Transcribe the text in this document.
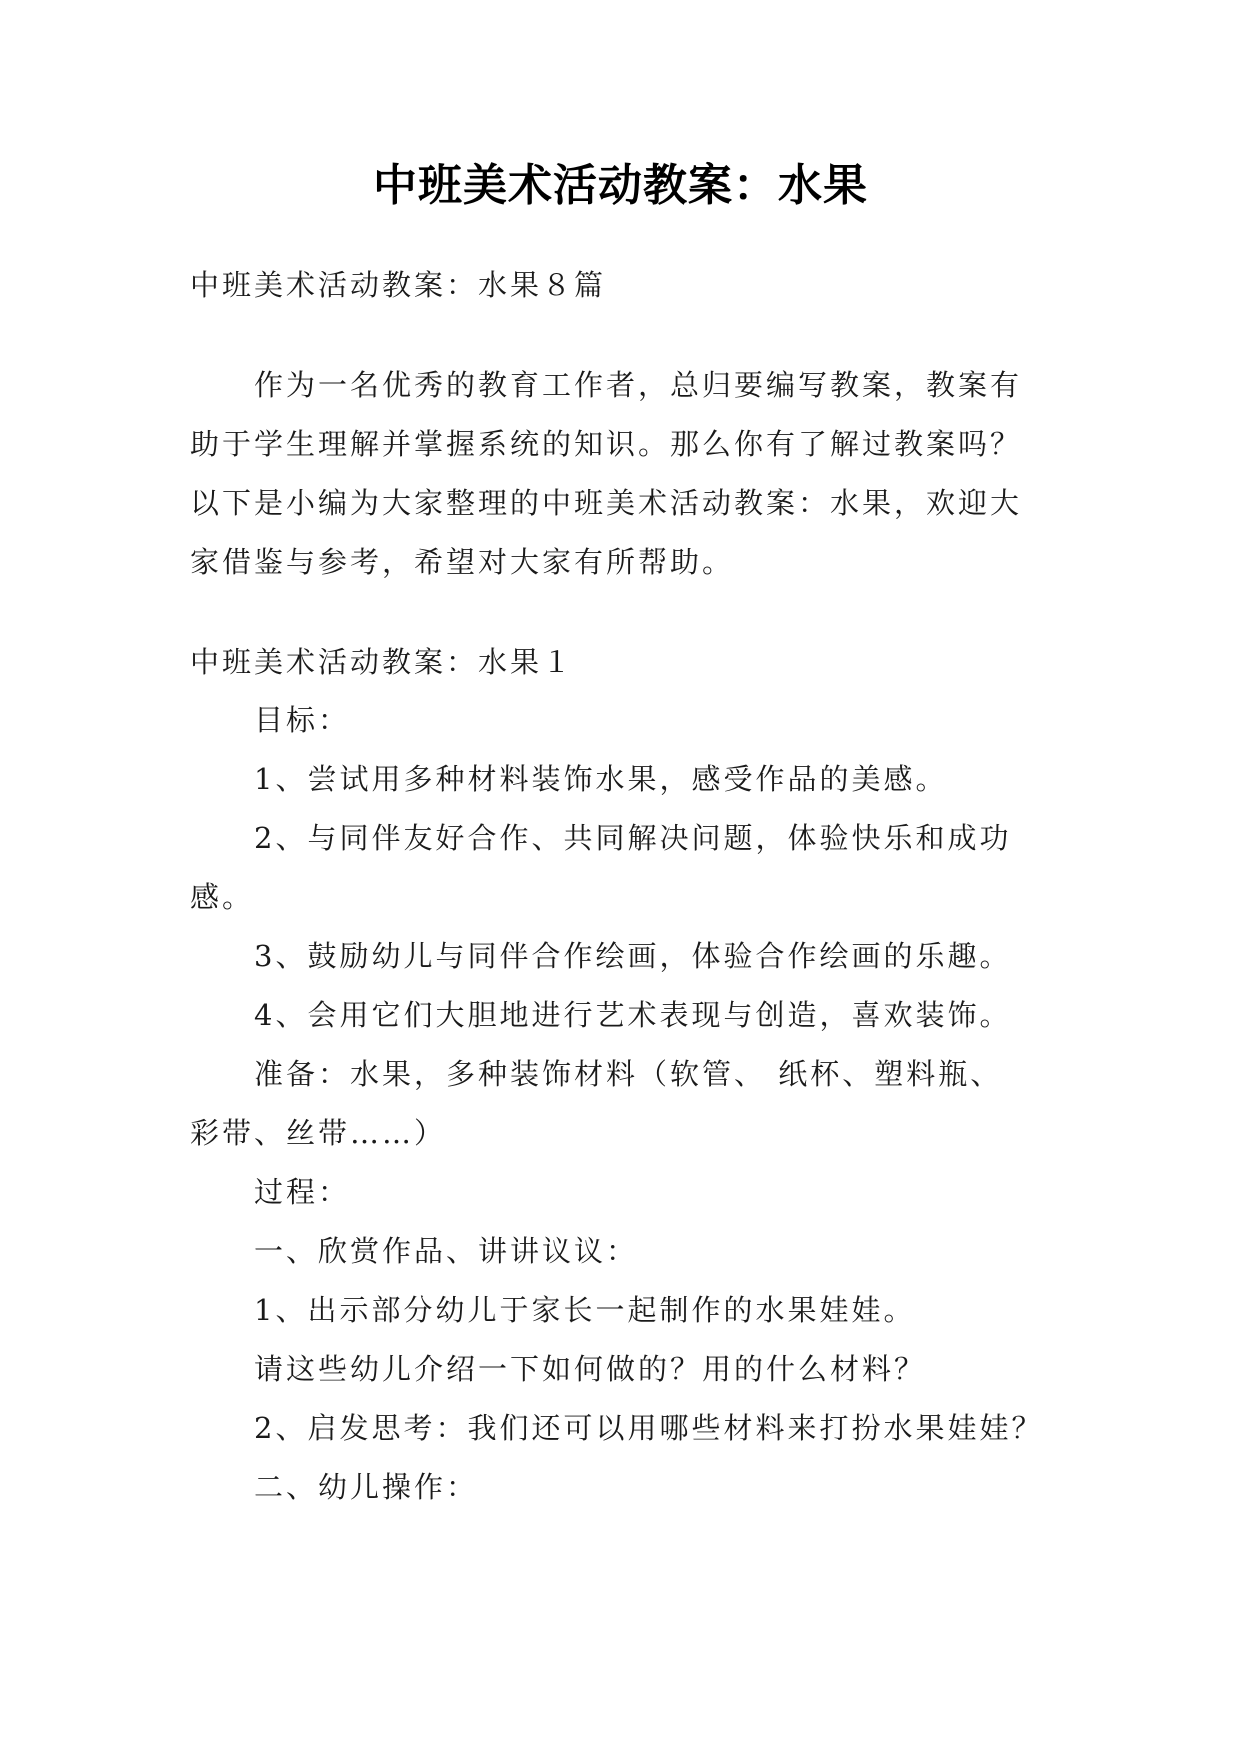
中班美术活动教案：水果
中班美术活动教案：水果８篇
作为一名优秀的教育工作者，总归要编写教案，教案有
助于学生理解并掌握系统的知识。那么你有了解过教案吗？
以下是小编为大家整理的中班美术活动教案：水果，欢迎大
家借鉴与参考，希望对大家有所帮助。
中班美术活动教案：水果１
目标：
1、尝试用多种材料装饰水果，感受作品的美感。
2、与同伴友好合作、共同解决问题，体验快乐和成功
感。
3、鼓励幼儿与同伴合作绘画，体验合作绘画的乐趣。
4、会用它们大胆地进行艺术表现与创造，喜欢装饰。
准备：水果，多种装饰材料（软管、 纸杯、塑料瓶、
彩带、丝带……）
过程：
一、欣赏作品、讲讲议议：
1、出示部分幼儿于家长一起制作的水果娃娃。
请这些幼儿介绍一下如何做的？用的什么材料？
2、启发思考：我们还可以用哪些材料来打扮水果娃娃？
二、幼儿操作：
